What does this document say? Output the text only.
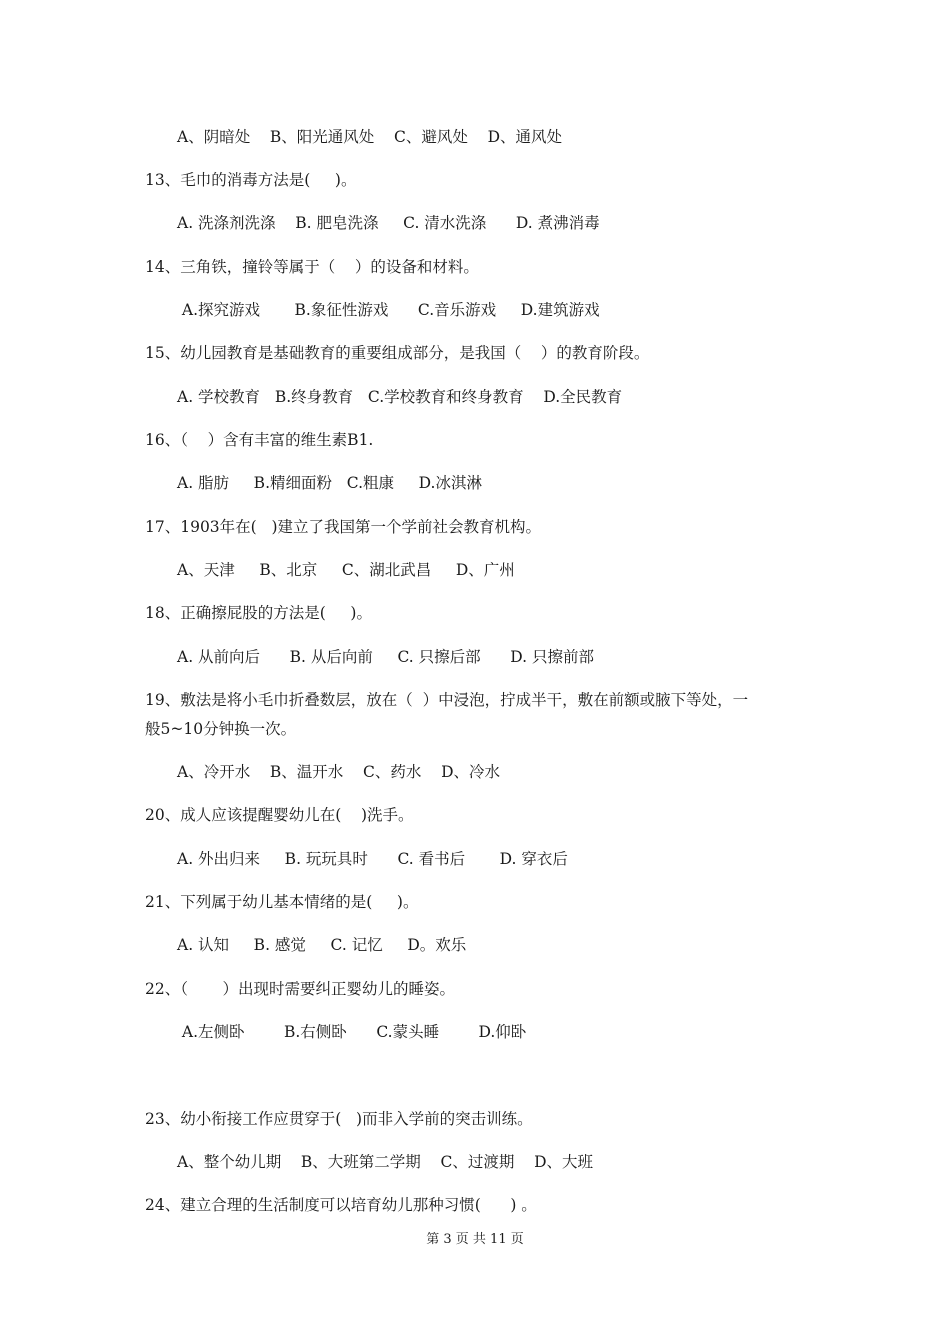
A、阴暗处    B、阳光通风处    C、避风处    D、通风处
13、毛巾的消毒方法是(     )。
A. 洗涤剂洗涤    B. 肥皂洗涤     C. 清水洗涤      D. 煮沸消毒
14、三角铁，撞铃等属于（    ）的设备和材料。
A.探究游戏       B.象征性游戏      C.音乐游戏     D.建筑游戏
15、幼儿园教育是基础教育的重要组成部分，是我国（    ）的教育阶段。
A. 学校教育   B.终身教育   C.学校教育和终身教育    D.全民教育
16、（    ）含有丰富的维生素B1.
A. 脂肪     B.精细面粉   C.粗康     D.冰淇淋
17、1903年在(   )建立了我国第一个学前社会教育机构。
A、天津     B、北京     C、湖北武昌     D、广州
18、正确擦屁股的方法是(     )。
A. 从前向后      B. 从后向前     C. 只擦后部      D. 只擦前部
19、敷法是将小毛巾折叠数层，放在（  ）中浸泡，拧成半干，敷在前额或腋下等处，一
般5~10分钟换一次。
A、冷开水    B、温开水    C、药水    D、冷水
20、成人应该提醒婴幼儿在(    )洗手。
A. 外出归来     B. 玩玩具时      C. 看书后       D. 穿衣后
21、下列属于幼儿基本情绪的是(     )。
A. 认知     B. 感觉     C. 记忆     D。欢乐
22、（       ）出现时需要纠正婴幼儿的睡姿。
A.左侧卧        B.右侧卧      C.蒙头睡        D.仰卧
23、幼小衔接工作应贯穿于(   )而非入学前的突击训练。
A、整个幼儿期    B、大班第二学期    C、过渡期    D、大班
24、建立合理的生活制度可以培育幼儿那种习惯(      ) 。
第 3 页 共 11 页
